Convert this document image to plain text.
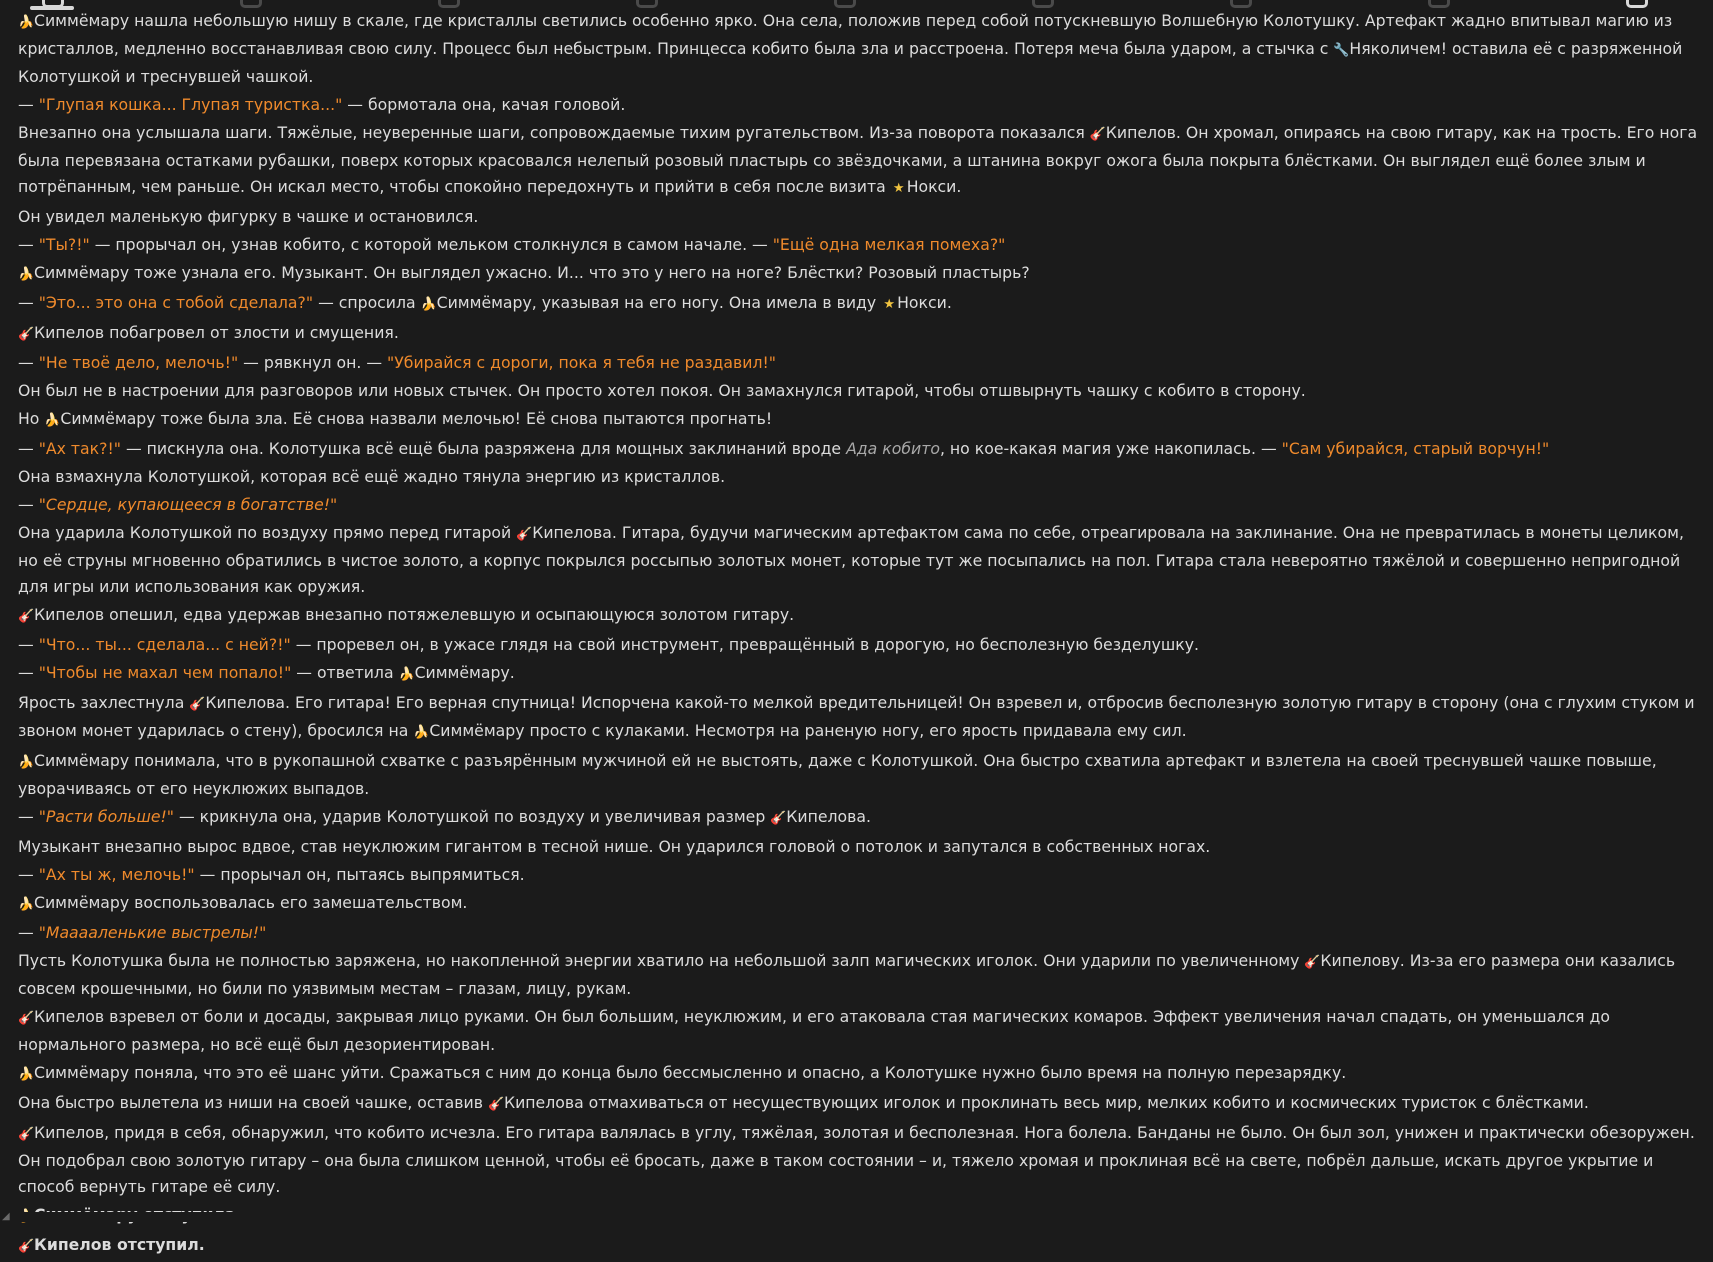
🍌Симмёмару нашла небольшую нишу в скале, где кристаллы светились особенно ярко. Она села, положив перед собой потускневшую Волшебную Колотушку. Артефакт жадно впитывал магию из кристаллов, медленно восстанавливая свою силу. Процесс был небыстрым. Принцесса кобито была зла и расстроена. Потеря меча была ударом, а стычка с 🔧Няколичем! оставила её с разряженной Колотушкой и треснувшей чашкой.

— "Глупая кошка... Глупая туристка..." — бормотала она, качая головой.

Внезапно она услышала шаги. Тяжёлые, неуверенные шаги, сопровождаемые тихим ругательством. Из-за поворота показался 🎸Кипелов. Он хромал, опираясь на свою гитару, как на трость. Его нога была перевязана остатками рубашки, поверх которых красовался нелепый розовый пластырь со звёздочками, а штанина вокруг ожога была покрыта блёстками. Он выглядел ещё более злым и потрёпанным, чем раньше. Он искал место, чтобы спокойно передохнуть и прийти в себя после визита ★ Нокси.

Он увидел маленькую фигурку в чашке и остановился.

— "Ты?!" — прорычал он, узнав кобито, с которой мельком столкнулся в самом начале. — "Ещё одна мелкая помеха?"

🍌Симмёмару тоже узнала его. Музыкант. Он выглядел ужасно. И... что это у него на ноге? Блёстки? Розовый пластырь?

— "Это... это она с тобой сделала?" — спросила 🍌Симмёмару, указывая на его ногу. Она имела в виду ★ Нокси.

🎸Кипелов побагровел от злости и смущения.

— "Не твоё дело, мелочь!" — рявкнул он. — "Убирайся с дороги, пока я тебя не раздавил!"

Он был не в настроении для разговоров или новых стычек. Он просто хотел покоя. Он замахнулся гитарой, чтобы отшвырнуть чашку с кобито в сторону.

Но 🍌Симмёмару тоже была зла. Её снова назвали мелочью! Её снова пытаются прогнать!

— "Ах так?!" — пискнула она. Колотушка всё ещё была разряжена для мощных заклинаний вроде Ада кобито, но кое-какая магия уже накопилась. — "Сам убирайся, старый ворчун!"

Она взмахнула Колотушкой, которая всё ещё жадно тянула энергию из кристаллов.

— "Сердце, купающееся в богатстве!"

Она ударила Колотушкой по воздуху прямо перед гитарой 🎸Кипелова. Гитара, будучи магическим артефактом сама по себе, отреагировала на заклинание. Она не превратилась в монеты целиком, но её струны мгновенно обратились в чистое золото, а корпус покрылся россыпью золотых монет, которые тут же посыпались на пол. Гитара стала невероятно тяжёлой и совершенно непригодной для игры или использования как оружия.

🎸Кипелов опешил, едва удержав внезапно потяжелевшую и осыпающуюся золотом гитару.

— "Что... ты... сделала... с ней?!" — проревел он, в ужасе глядя на свой инструмент, превращённый в дорогую, но бесполезную безделушку.

— "Чтобы не махал чем попало!" — ответила 🍌Симмёмару.

Ярость захлестнула 🎸Кипелова. Его гитара! Его верная спутница! Испорчена какой-то мелкой вредительницей! Он взревел и, отбросив бесполезную золотую гитару в сторону (она с глухим стуком и звоном монет ударилась о стену), бросился на 🍌Симмёмару просто с кулаками. Несмотря на раненую ногу, его ярость придавала ему сил.

🍌Симмёмару понимала, что в рукопашной схватке с разъярённым мужчиной ей не выстоять, даже с Колотушкой. Она быстро схватила артефакт и взлетела на своей треснувшей чашке повыше, уворачиваясь от его неуклюжих выпадов.

— "Расти больше!" — крикнула она, ударив Колотушкой по воздуху и увеличивая размер 🎸Кипелова.

Музыкант внезапно вырос вдвое, став неуклюжим гигантом в тесной нише. Он ударился головой о потолок и запутался в собственных ногах.

— "Ах ты ж, мелочь!" — прорычал он, пытаясь выпрямиться.

🍌Симмёмару воспользовалась его замешательством.

— "Мааааленькие выстрелы!"

Пусть Колотушка была не полностью заряжена, но накопленной энергии хватило на небольшой залп магических иголок. Они ударили по увеличенному 🎸Кипелову. Из-за его размера они казались совсем крошечными, но били по уязвимым местам – глазам, лицу, рукам.

🎸Кипелов взревел от боли и досады, закрывая лицо руками. Он был большим, неуклюжим, и его атаковала стая магических комаров. Эффект увеличения начал спадать, он уменьшался до нормального размера, но всё ещё был дезориентирован.

🍌Симмёмару поняла, что это её шанс уйти. Сражаться с ним до конца было бессмысленно и опасно, а Колотушке нужно было время на полную перезарядку.

Она быстро вылетела из ниши на своей чашке, оставив 🎸Кипелова отмахиваться от несуществующих иголок и проклинать весь мир, мелких кобито и космических туристок с блёстками.

🎸Кипелов, придя в себя, обнаружил, что кобито исчезла. Его гитара валялась в углу, тяжёлая, золотая и бесполезная. Нога болела. Банданы не было. Он был зол, унижен и практически обезоружен. Он подобрал свою золотую гитару – она была слишком ценной, чтобы её бросать, даже в таком состоянии – и, тяжело хромая и проклиная всё на свете, побрёл дальше, искать другое укрытие и способ вернуть гитаре её силу.

🎸Кипелов отступил.

◢
